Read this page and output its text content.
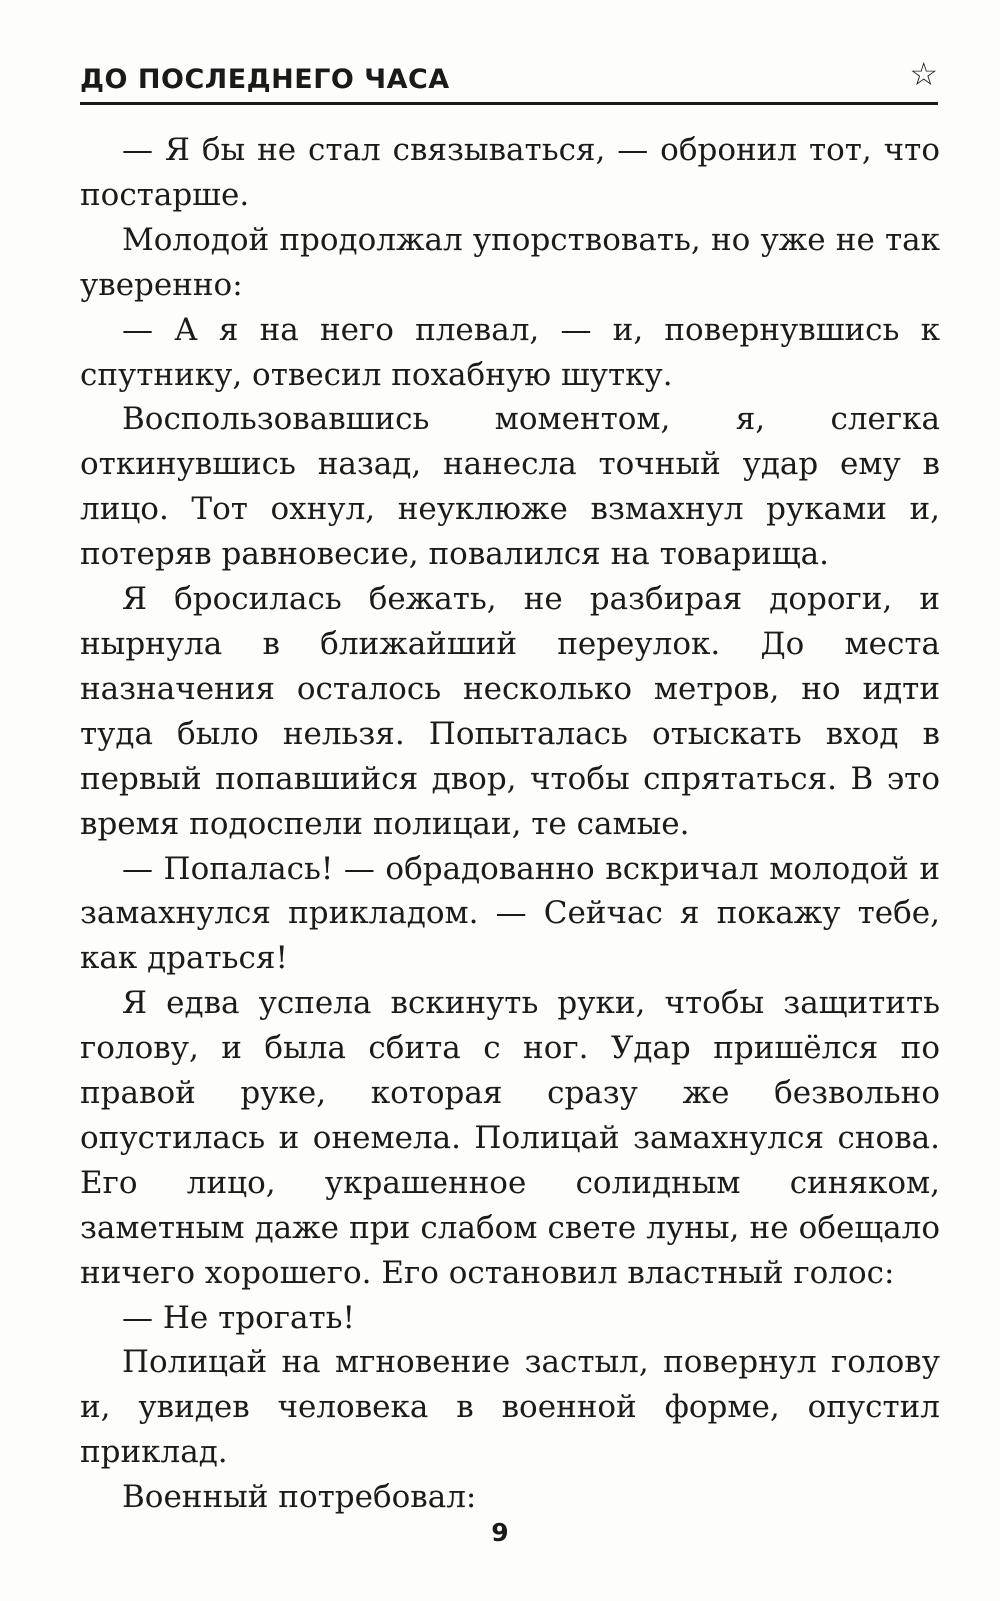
ДО ПОСЛЕДНЕГО ЧАСА	☆

— Я бы не стал связываться, — обронил тот, что постарше.

Молодой продолжал упорствовать, но уже не так уверенно:

— А я на него плевал, — и, повернувшись к спутнику, отвесил похабную шутку.

Воспользовавшись моментом, я, слегка откинувшись назад, нанесла точный удар ему в лицо. Тот охнул, неуклюже взмахнул руками и, потеряв равновесие, повалился на товарища.

Я бросилась бежать, не разбирая дороги, и нырнула в ближайший переулок. До места назначения осталось несколько метров, но идти туда было нельзя. Попыталась отыскать вход в первый попавшийся двор, чтобы спрятаться. В это время подоспели полицаи, те самые.

— Попалась! — обрадованно вскричал молодой и замахнулся прикладом. — Сейчас я покажу тебе, как драться!

Я едва успела вскинуть руки, чтобы защитить голову, и была сбита с ног. Удар пришёлся по правой руке, которая сразу же безвольно опустилась и онемела. Полицай замахнулся снова. Его лицо, украшенное солидным синяком, заметным даже при слабом свете луны, не обещало ничего хорошего. Его остановил властный голос:

— Не трогать!

Полицай на мгновение застыл, повернул голову и, увидев человека в военной форме, опустил приклад.

Военный потребовал:

9
